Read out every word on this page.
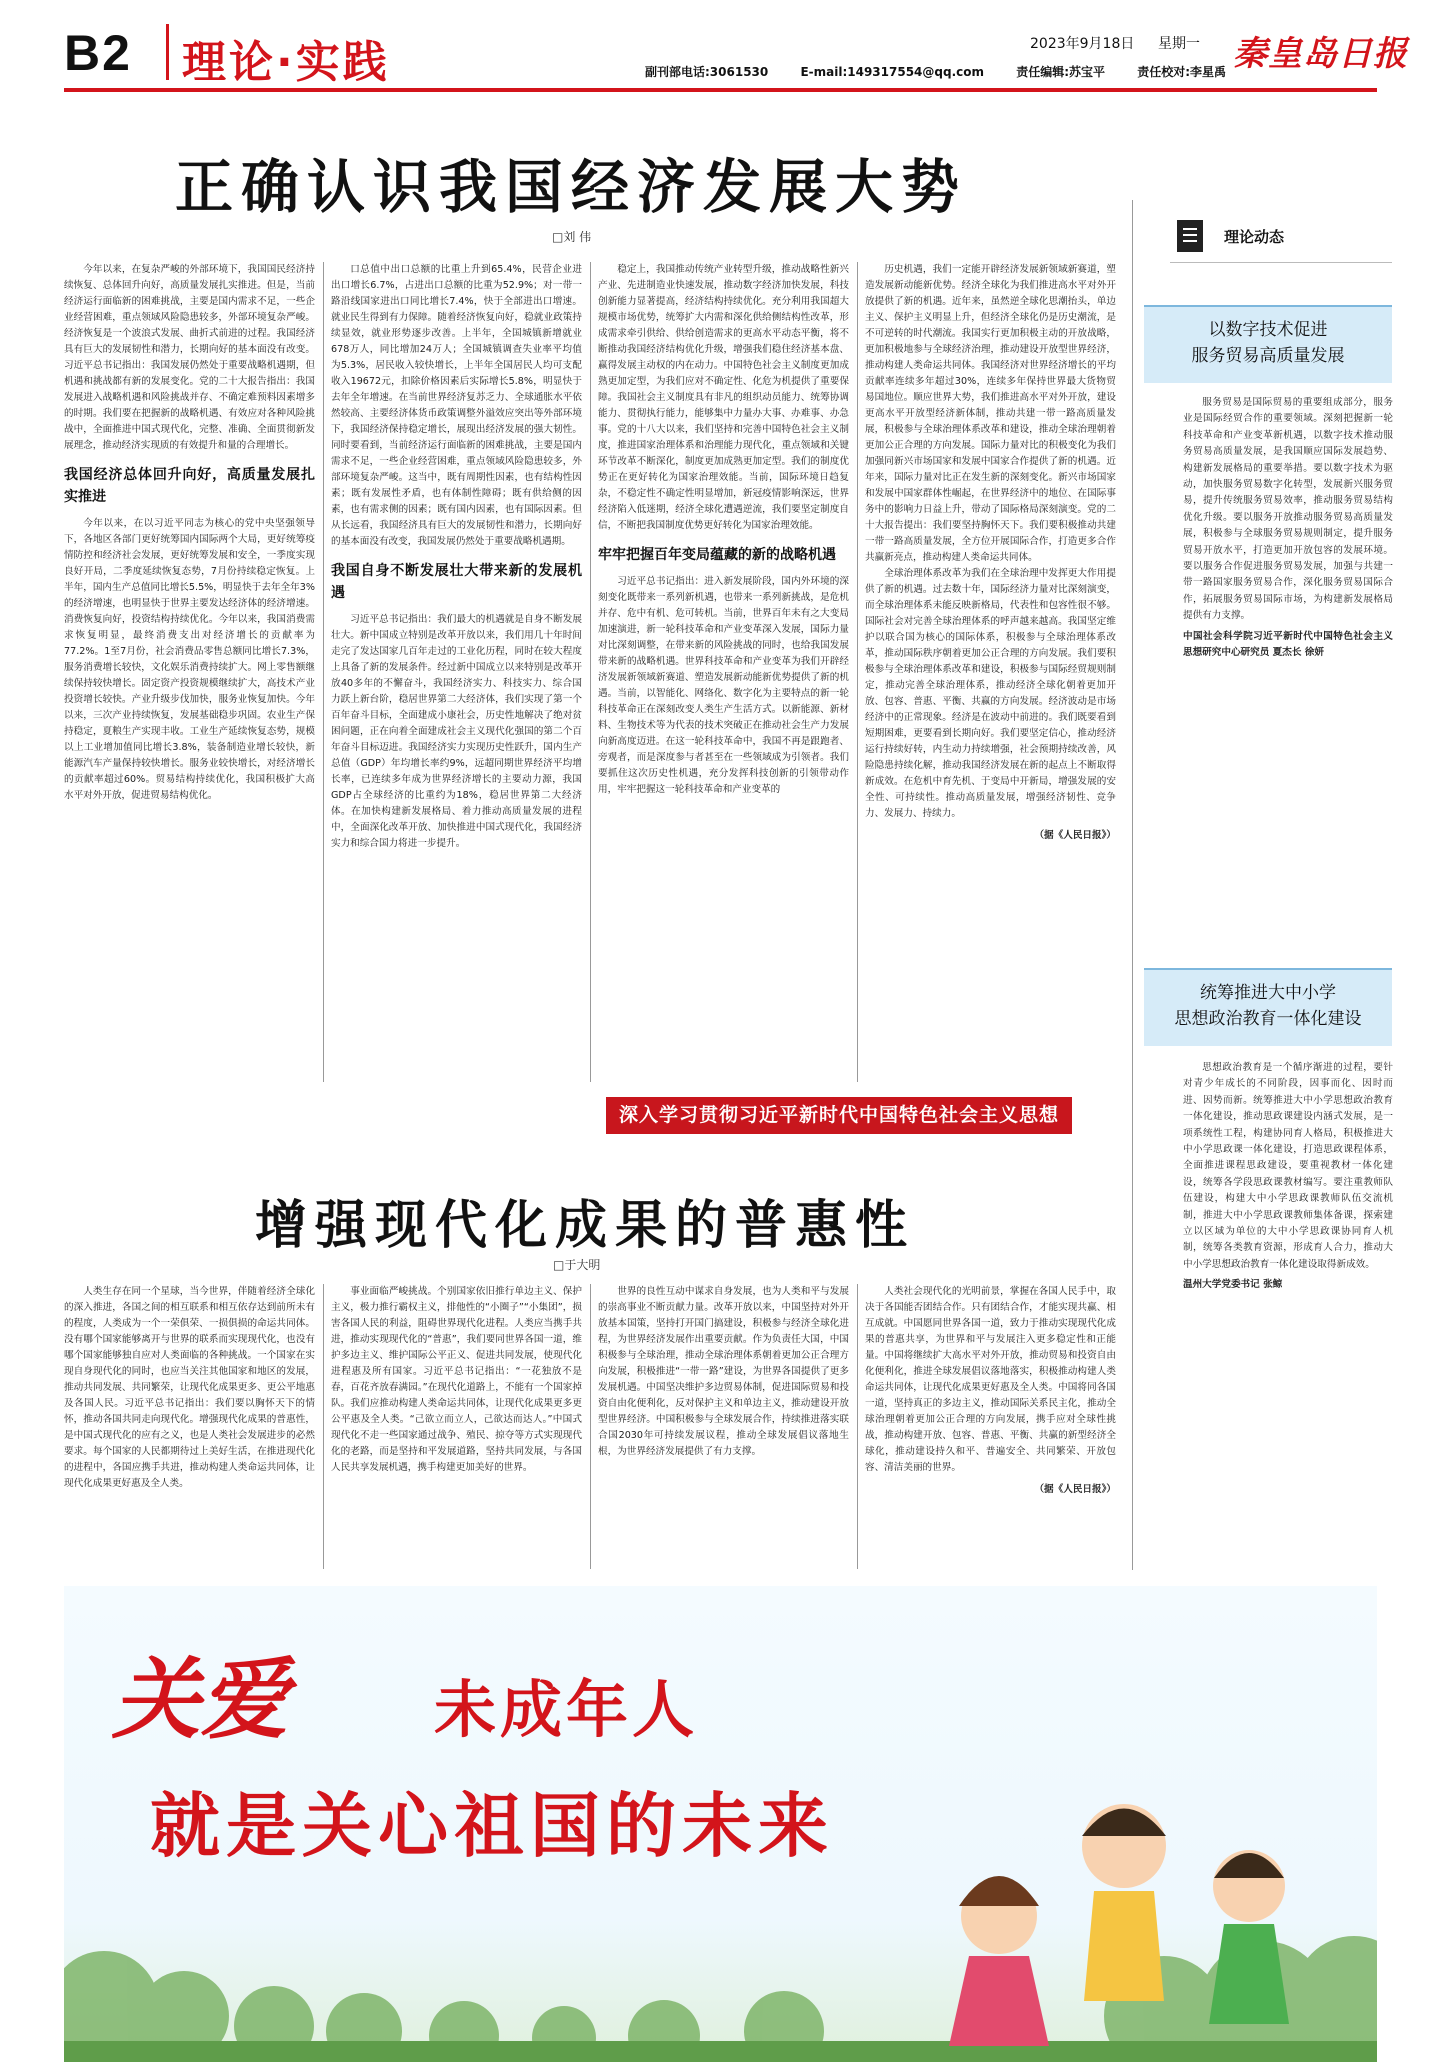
B2 理论·实践	2023年9月18日 星期一 秦皇岛日报
副刊部电话:3061530	E-mail:149317554@qq.com	责任编辑:苏宝平	责任校对:李星禹
正确认识我国经济发展大势
□刘 伟

今年以来，在复杂严峻的外部环境下，我国国民经济持续恢复、总体回升向好，高质量发展扎实推进。但是，当前经济运行面临新的困难挑战，主要是国内需求不足，一些企业经营困难，重点领域风险隐患较多，外部环境复杂严峻。经济恢复是一个波浪式发展、曲折式前进的过程。我国经济具有巨大的发展韧性和潜力，长期向好的基本面没有改变。习近平总书记指出：我国发展仍然处于重要战略机遇期，但机遇和挑战都有新的发展变化。党的二十大报告指出：我国发展进入战略机遇和风险挑战并存、不确定难预料因素增多的时期。我们要在把握新的战略机遇、有效应对各种风险挑战中，全面推进中国式现代化，完整、准确、全面贯彻新发展理念，推动经济实现质的有效提升和量的合理增长。

我国经济总体回升向好，高质量发展扎实推进

今年以来，在以习近平同志为核心的党中央坚强领导下，各地区各部门更好统筹国内国际两个大局，更好统筹疫情防控和经济社会发展，更好统筹发展和安全，一季度实现良好开局，二季度延续恢复态势，7月份持续稳定恢复。上半年，国内生产总值同比增长5.5%，明显快于去年全年3%的经济增速，也明显快于世界主要发达经济体的经济增速。消费恢复向好，投资结构持续优化。今年以来，我国消费需求恢复明显，最终消费支出对经济增长的贡献率为77.2%。1至7月份，社会消费品零售总额同比增长7.3%，服务消费增长较快，文化娱乐消费持续扩大。网上零售额继续保持较快增长。固定资产投资规模继续扩大，高技术产业投资增长较快。产业升级步伐加快，服务业恢复加快。今年以来，三次产业持续恢复，发展基础稳步巩固。农业生产保持稳定，夏粮生产实现丰收。工业生产延续恢复态势，规模以上工业增加值同比增长3.8%，装备制造业增长较快，新能源汽车产量保持较快增长。服务业较快增长，对经济增长的贡献率超过60%。贸易结构持续优化，我国积极扩大高水平对外开放，促进贸易结构优化。

口总值中出口总额的比重上升到65.4%，民营企业进出口增长6.7%，占进出口总额的比重为52.9%；对一带一路沿线国家进出口同比增长7.4%，快于全部进出口增速。就业民生得到有力保障。随着经济恢复向好，稳就业政策持续显效，就业形势逐步改善。上半年，全国城镇新增就业678万人，同比增加24万人；全国城镇调查失业率平均值为5.3%，居民收入较快增长，上半年全国居民人均可支配收入19672元，扣除价格因素后实际增长5.8%，明显快于去年全年增速。在当前世界经济复苏乏力、全球通胀水平依然较高、主要经济体货币政策调整外溢效应突出等外部环境下，我国经济保持稳定增长，展现出经济发展的强大韧性。同时要看到，当前经济运行面临新的困难挑战，主要是国内需求不足，一些企业经营困难，重点领域风险隐患较多，外部环境复杂严峻。这当中，既有周期性因素，也有结构性因素；既有发展性矛盾，也有体制性障碍；既有供给侧的因素，也有需求侧的因素；既有国内因素，也有国际因素。但从长远看，我国经济具有巨大的发展韧性和潜力，长期向好的基本面没有改变，我国发展仍然处于重要战略机遇期。

我国自身不断发展壮大带来新的发展机遇

习近平总书记指出：我们最大的机遇就是自身不断发展壮大。新中国成立特别是改革开放以来，我们用几十年时间走完了发达国家几百年走过的工业化历程，同时在较大程度上具备了新的发展条件。经过新中国成立以来特别是改革开放40多年的不懈奋斗，我国经济实力、科技实力、综合国力跃上新台阶，稳居世界第二大经济体，我们实现了第一个百年奋斗目标，全面建成小康社会，历史性地解决了绝对贫困问题，正在向着全面建成社会主义现代化强国的第二个百年奋斗目标迈进。我国经济实力实现历史性跃升，国内生产总值（GDP）年均增长率约9%，远超同期世界经济平均增长率，已连续多年成为世界经济增长的主要动力源，我国GDP占全球经济的比重约为18%，稳居世界第二大经济体。在加快构建新发展格局、着力推动高质量发展的进程中，全面深化改革开放、加快推进中国式现代化，我国经济实力和综合国力将进一步提升。

稳定上，我国推动传统产业转型升级，推动战略性新兴产业、先进制造业快速发展，推动数字经济加快发展，科技创新能力显著提高，经济结构持续优化。充分利用我国超大规模市场优势，统筹扩大内需和深化供给侧结构性改革，形成需求牵引供给、供给创造需求的更高水平动态平衡，将不断推动我国经济结构优化升级，增强我们稳住经济基本盘、赢得发展主动权的内在动力。中国特色社会主义制度更加成熟更加定型，为我们应对不确定性、化危为机提供了重要保障。我国社会主义制度具有非凡的组织动员能力、统筹协调能力、贯彻执行能力，能够集中力量办大事、办难事、办急事。党的十八大以来，我们坚持和完善中国特色社会主义制度，推进国家治理体系和治理能力现代化，重点领域和关键环节改革不断深化，制度更加成熟更加定型。我们的制度优势正在更好转化为国家治理效能。当前，国际环境日趋复杂，不稳定性不确定性明显增加，新冠疫情影响深远，世界经济陷入低迷期，经济全球化遭遇逆流，我们要坚定制度自信，不断把我国制度优势更好转化为国家治理效能。

牢牢把握百年变局蕴藏的新的战略机遇

习近平总书记指出：进入新发展阶段，国内外环境的深刻变化既带来一系列新机遇，也带来一系列新挑战，是危机并存、危中有机、危可转机。当前，世界百年未有之大变局加速演进，新一轮科技革命和产业变革深入发展，国际力量对比深刻调整，在带来新的风险挑战的同时，也给我国发展带来新的战略机遇。世界科技革命和产业变革为我们开辟经济发展新领域新赛道、塑造发展新动能新优势提供了新的机遇。当前，以智能化、网络化、数字化为主要特点的新一轮科技革命正在深刻改变人类生产生活方式。以新能源、新材料、生物技术等为代表的技术突破正在推动社会生产力发展向新高度迈进。在这一轮科技革命中，我国不再是跟跑者、旁观者，而是深度参与者甚至在一些领域成为引领者。我们要抓住这次历史性机遇，充分发挥科技创新的引领带动作用，牢牢把握这一轮科技革命和产业变革的

历史机遇，我们一定能开辟经济发展新领域新赛道，塑造发展新动能新优势。经济全球化为我们推进高水平对外开放提供了新的机遇。近年来，虽然逆全球化思潮抬头，单边主义、保护主义明显上升，但经济全球化仍是历史潮流，是不可逆转的时代潮流。我国实行更加积极主动的开放战略，更加积极地参与全球经济治理，推动建设开放型世界经济，推动构建人类命运共同体。我国经济对世界经济增长的平均贡献率连续多年超过30%，连续多年保持世界最大货物贸易国地位。顺应世界大势，我们推进高水平对外开放，建设更高水平开放型经济新体制，推动共建一带一路高质量发展，积极参与全球治理体系改革和建设，推动全球治理朝着更加公正合理的方向发展。国际力量对比的积极变化为我们加强同新兴市场国家和发展中国家合作提供了新的机遇。近年来，国际力量对比正在发生新的深刻变化。新兴市场国家和发展中国家群体性崛起，在世界经济中的地位、在国际事务中的影响力日益上升，带动了国际格局深刻演变。党的二十大报告提出：我们要坚持胸怀天下。我们要积极推动共建一带一路高质量发展，全方位开展国际合作，打造更多合作共赢新亮点，推动构建人类命运共同体。

全球治理体系改革为我们在全球治理中发挥更大作用提供了新的机遇。过去数十年，国际经济力量对比深刻演变，而全球治理体系未能反映新格局，代表性和包容性很不够。国际社会对完善全球治理体系的呼声越来越高。我国坚定维护以联合国为核心的国际体系，积极参与全球治理体系改革，推动国际秩序朝着更加公正合理的方向发展。我们要积极参与全球治理体系改革和建设，积极参与国际经贸规则制定，推动完善全球治理体系，推动经济全球化朝着更加开放、包容、普惠、平衡、共赢的方向发展。经济波动是市场经济中的正常现象。经济是在波动中前进的。我们既要看到短期困难，更要看到长期向好。我们要坚定信心，推动经济运行持续好转，内生动力持续增强，社会预期持续改善，风险隐患持续化解，推动我国经济发展在新的起点上不断取得新成效。在危机中育先机、于变局中开新局，增强发展的安全性、可持续性。推动高质量发展，增强经济韧性、竞争力、发展力、持续力。

（据《人民日报》）
深入学习贯彻习近平新时代中国特色社会主义思想
增强现代化成果的普惠性
□于大明

人类生存在同一个星球，当今世界，伴随着经济全球化的深入推进，各国之间的相互联系和相互依存达到前所未有的程度，人类成为一个一荣俱荣、一损俱损的命运共同体。没有哪个国家能够离开与世界的联系而实现现代化，也没有哪个国家能够独自应对人类面临的各种挑战。一个国家在实现自身现代化的同时，也应当关注其他国家和地区的发展，推动共同发展、共同繁荣，让现代化成果更多、更公平地惠及各国人民。习近平总书记指出：我们要以胸怀天下的情怀，推动各国共同走向现代化。增强现代化成果的普惠性，是中国式现代化的应有之义，也是人类社会发展进步的必然要求。每个国家的人民都期待过上美好生活，在推进现代化的进程中，各国应携手共进，推动构建人类命运共同体，让现代化成果更好惠及全人类。

事业面临严峻挑战。个别国家依旧推行单边主义、保护主义，极力推行霸权主义，排他性的“小圈子”“小集团”，损害各国人民的利益，阻碍世界现代化进程。人类应当携手共进，推动实现现代化的“普惠”，我们要同世界各国一道，维护多边主义、维护国际公平正义、促进共同发展，使现代化进程惠及所有国家。习近平总书记指出：“一花独放不是春，百花齐放春满园。”在现代化道路上，不能有一个国家掉队。我们应推动构建人类命运共同体，让现代化成果更多更公平惠及全人类。“己欲立而立人，己欲达而达人。”中国式现代化不走一些国家通过战争、殖民、掠夺等方式实现现代化的老路，而是坚持和平发展道路，坚持共同发展，与各国人民共享发展机遇，携手构建更加美好的世界。

世界的良性互动中谋求自身发展，也为人类和平与发展的崇高事业不断贡献力量。改革开放以来，中国坚持对外开放基本国策，坚持打开国门搞建设，积极参与经济全球化进程，为世界经济发展作出重要贡献。作为负责任大国，中国积极参与全球治理，推动全球治理体系朝着更加公正合理方向发展，积极推进“一带一路”建设，为世界各国提供了更多发展机遇。中国坚决维护多边贸易体制，促进国际贸易和投资自由化便利化，反对保护主义和单边主义，推动建设开放型世界经济。中国积极参与全球发展合作，持续推进落实联合国2030年可持续发展议程，推动全球发展倡议落地生根，为世界经济发展提供了有力支撑。

人类社会现代化的光明前景，掌握在各国人民手中，取决于各国能否团结合作。只有团结合作，才能实现共赢、相互成就。中国愿同世界各国一道，致力于推动实现现代化成果的普惠共享，为世界和平与发展注入更多稳定性和正能量。中国将继续扩大高水平对外开放，推动贸易和投资自由化便利化，推进全球发展倡议落地落实，积极推动构建人类命运共同体，让现代化成果更好惠及全人类。中国将同各国一道，坚持真正的多边主义，推动国际关系民主化，推动全球治理朝着更加公正合理的方向发展，携手应对全球性挑战，推动构建开放、包容、普惠、平衡、共赢的新型经济全球化，推动建设持久和平、普遍安全、共同繁荣、开放包容、清洁美丽的世界。

（据《人民日报》）
理论动态
以数字技术促进
服务贸易高质量发展

服务贸易是国际贸易的重要组成部分，服务业是国际经贸合作的重要领域。深刻把握新一轮科技革命和产业变革新机遇，以数字技术推动服务贸易高质量发展，是我国顺应国际发展趋势、构建新发展格局的重要举措。要以数字技术为驱动，加快服务贸易数字化转型，发展新兴服务贸易，提升传统服务贸易效率，推动服务贸易结构优化升级。要以服务开放推动服务贸易高质量发展，积极参与全球服务贸易规则制定，提升服务贸易开放水平，打造更加开放包容的发展环境。要以服务合作促进服务贸易发展，加强与共建一带一路国家服务贸易合作，深化服务贸易国际合作，拓展服务贸易国际市场，为构建新发展格局提供有力支撑。

中国社会科学院习近平新时代中国特色社会主义思想研究中心研究员 夏杰长 徐妍

统筹推进大中小学
思想政治教育一体化建设

思想政治教育是一个循序渐进的过程，要针对青少年成长的不同阶段，因事而化、因时而进、因势而新。统筹推进大中小学思想政治教育一体化建设，推动思政课建设内涵式发展，是一项系统性工程，构建协同育人格局，积极推进大中小学思政课一体化建设，打造思政课程体系，全面推进课程思政建设，要重视教材一体化建设，统筹各学段思政课教材编写。要注重教师队伍建设，构建大中小学思政课教师队伍交流机制，推进大中小学思政课教师集体备课，探索建立以区域为单位的大中小学思政课协同育人机制，统筹各类教育资源，形成育人合力，推动大中小学思想政治教育一体化建设取得新成效。

温州大学党委书记 张鲸

关爱 未成年人
就是关心祖国的未来
